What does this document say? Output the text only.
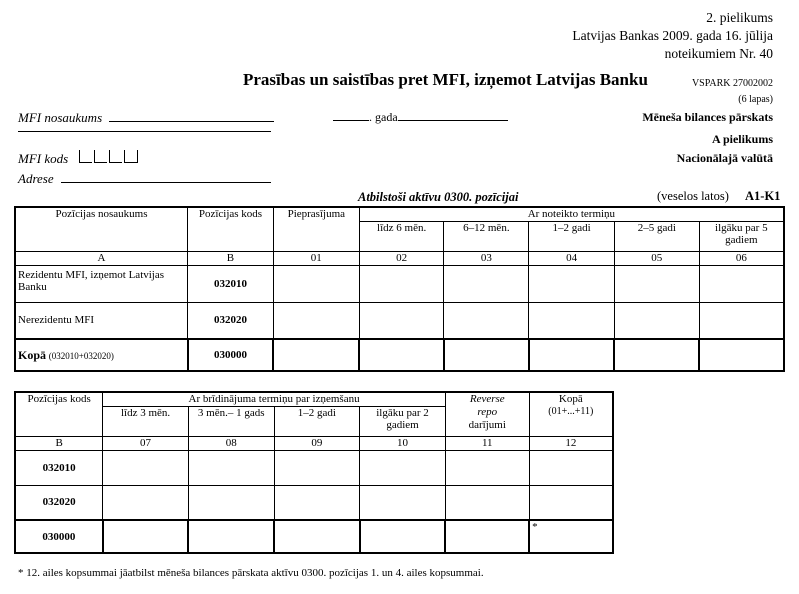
2. pielikums
Latvijas Bankas 2009. gada 16. jūlija
noteikumiem Nr. 40
Prasības un saistības pret MFI, izņemot Latvijas Banku	VSPARK 27002002
(6 lapas)
MFI nosaukums	. gada	Mēneša bilances pārskats
A pielikums
Nacionālajā valūtā
MFI kods
Adrese
Atbilstoši aktīvu 0300. pozīcijai	(veselos latos) A1-K1
Pozīcijas nosaukums	Pozīcijas kods	Pieprasījuma	Ar noteikto termiņu				
			līdz 6 mēn.	6–12 mēn.	1–2 gadi	2–5 gadi	ilgāku par 5 gadiem
A	B	01	02	03	04	05	06
Rezidentu MFI, izņemot Latvijas Banku	032010						
Nerezidentu MFI	032020						
Kopā (032010+032020)	030000						
Pozīcijas kods	Ar brīdinājuma termiņu par izņemšanu				Reverse
repo
darījumi	Kopā
(01+...+11)
	līdz 3 mēn.	3 mēn.– 1 gads	1–2 gadi	ilgāku par 2 gadiem		
B	07	08	09	10	11	12
032010						
032020						
030000						*
* 12. ailes kopsummai jāatbilst mēneša bilances pārskata aktīvu 0300. pozīcijas 1. un 4. ailes kopsummai.
